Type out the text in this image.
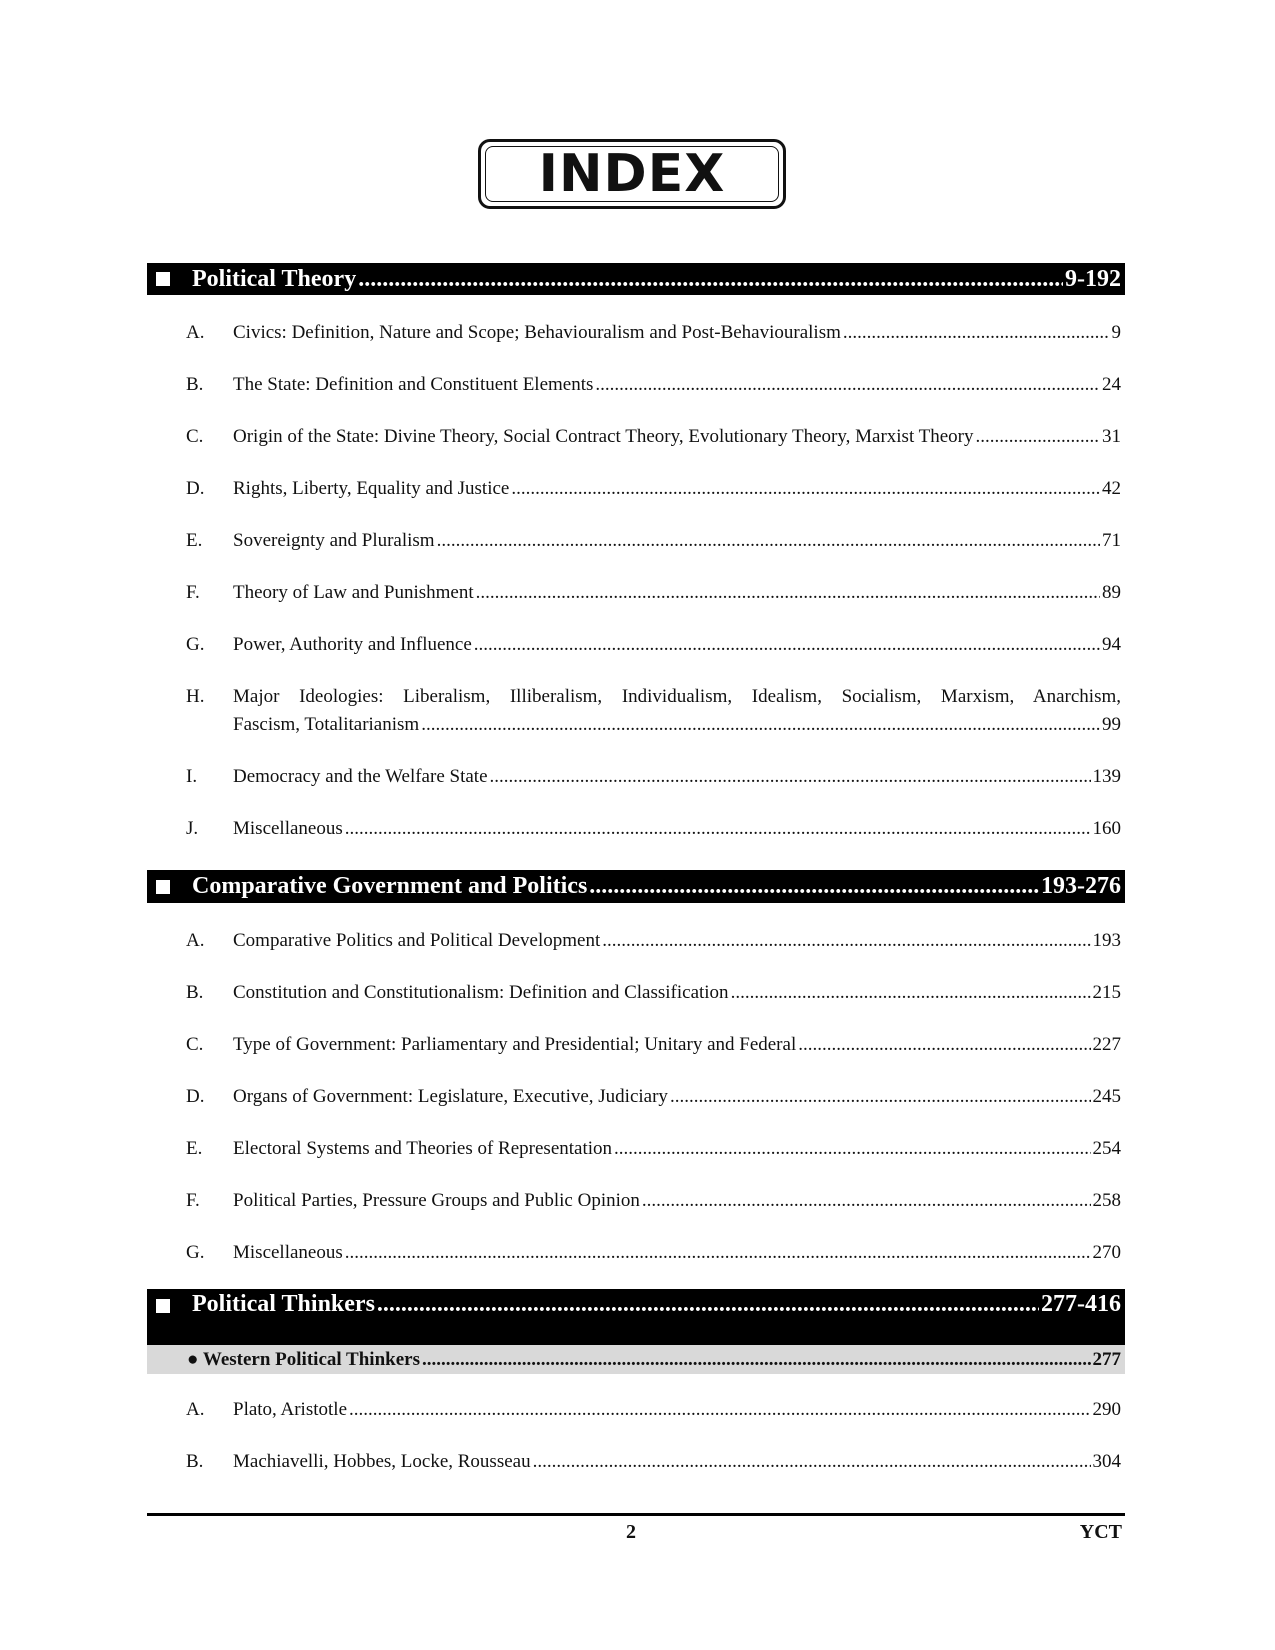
INDEX
Political Theory .....	9-192
A. Civics: Definition, Nature and Scope; Behaviouralism and Post-Behaviouralism .....	9
B. The State: Definition and Constituent Elements .....	24
C. Origin of the State: Divine Theory, Social Contract Theory, Evolutionary Theory, Marxist Theory .....	31
D. Rights, Liberty, Equality and Justice .....	42
E. Sovereignty and Pluralism .....	71
F. Theory of Law and Punishment .....	89
G. Power, Authority and Influence .....	94
H. Major Ideologies: Liberalism, Illiberalism, Individualism, Idealism, Socialism, Marxism, Anarchism,
Fascism, Totalitarianism .....	99
I. Democracy and the Welfare State .....	139
J. Miscellaneous .....	160
Comparative Government and Politics .....	193-276
A. Comparative Politics and Political Development .....	193
B. Constitution and Constitutionalism: Definition and Classification .....	215
C. Type of Government: Parliamentary and Presidential; Unitary and Federal .....	227
D. Organs of Government: Legislature, Executive, Judiciary .....	245
E. Electoral Systems and Theories of Representation .....	254
F. Political Parties, Pressure Groups and Public Opinion .....	258
G. Miscellaneous .....	270
Political Thinkers .....	277-416
● Western Political Thinkers .....	277
A. Plato, Aristotle .....	290
B. Machiavelli, Hobbes, Locke, Rousseau .....	304
2	YCT
